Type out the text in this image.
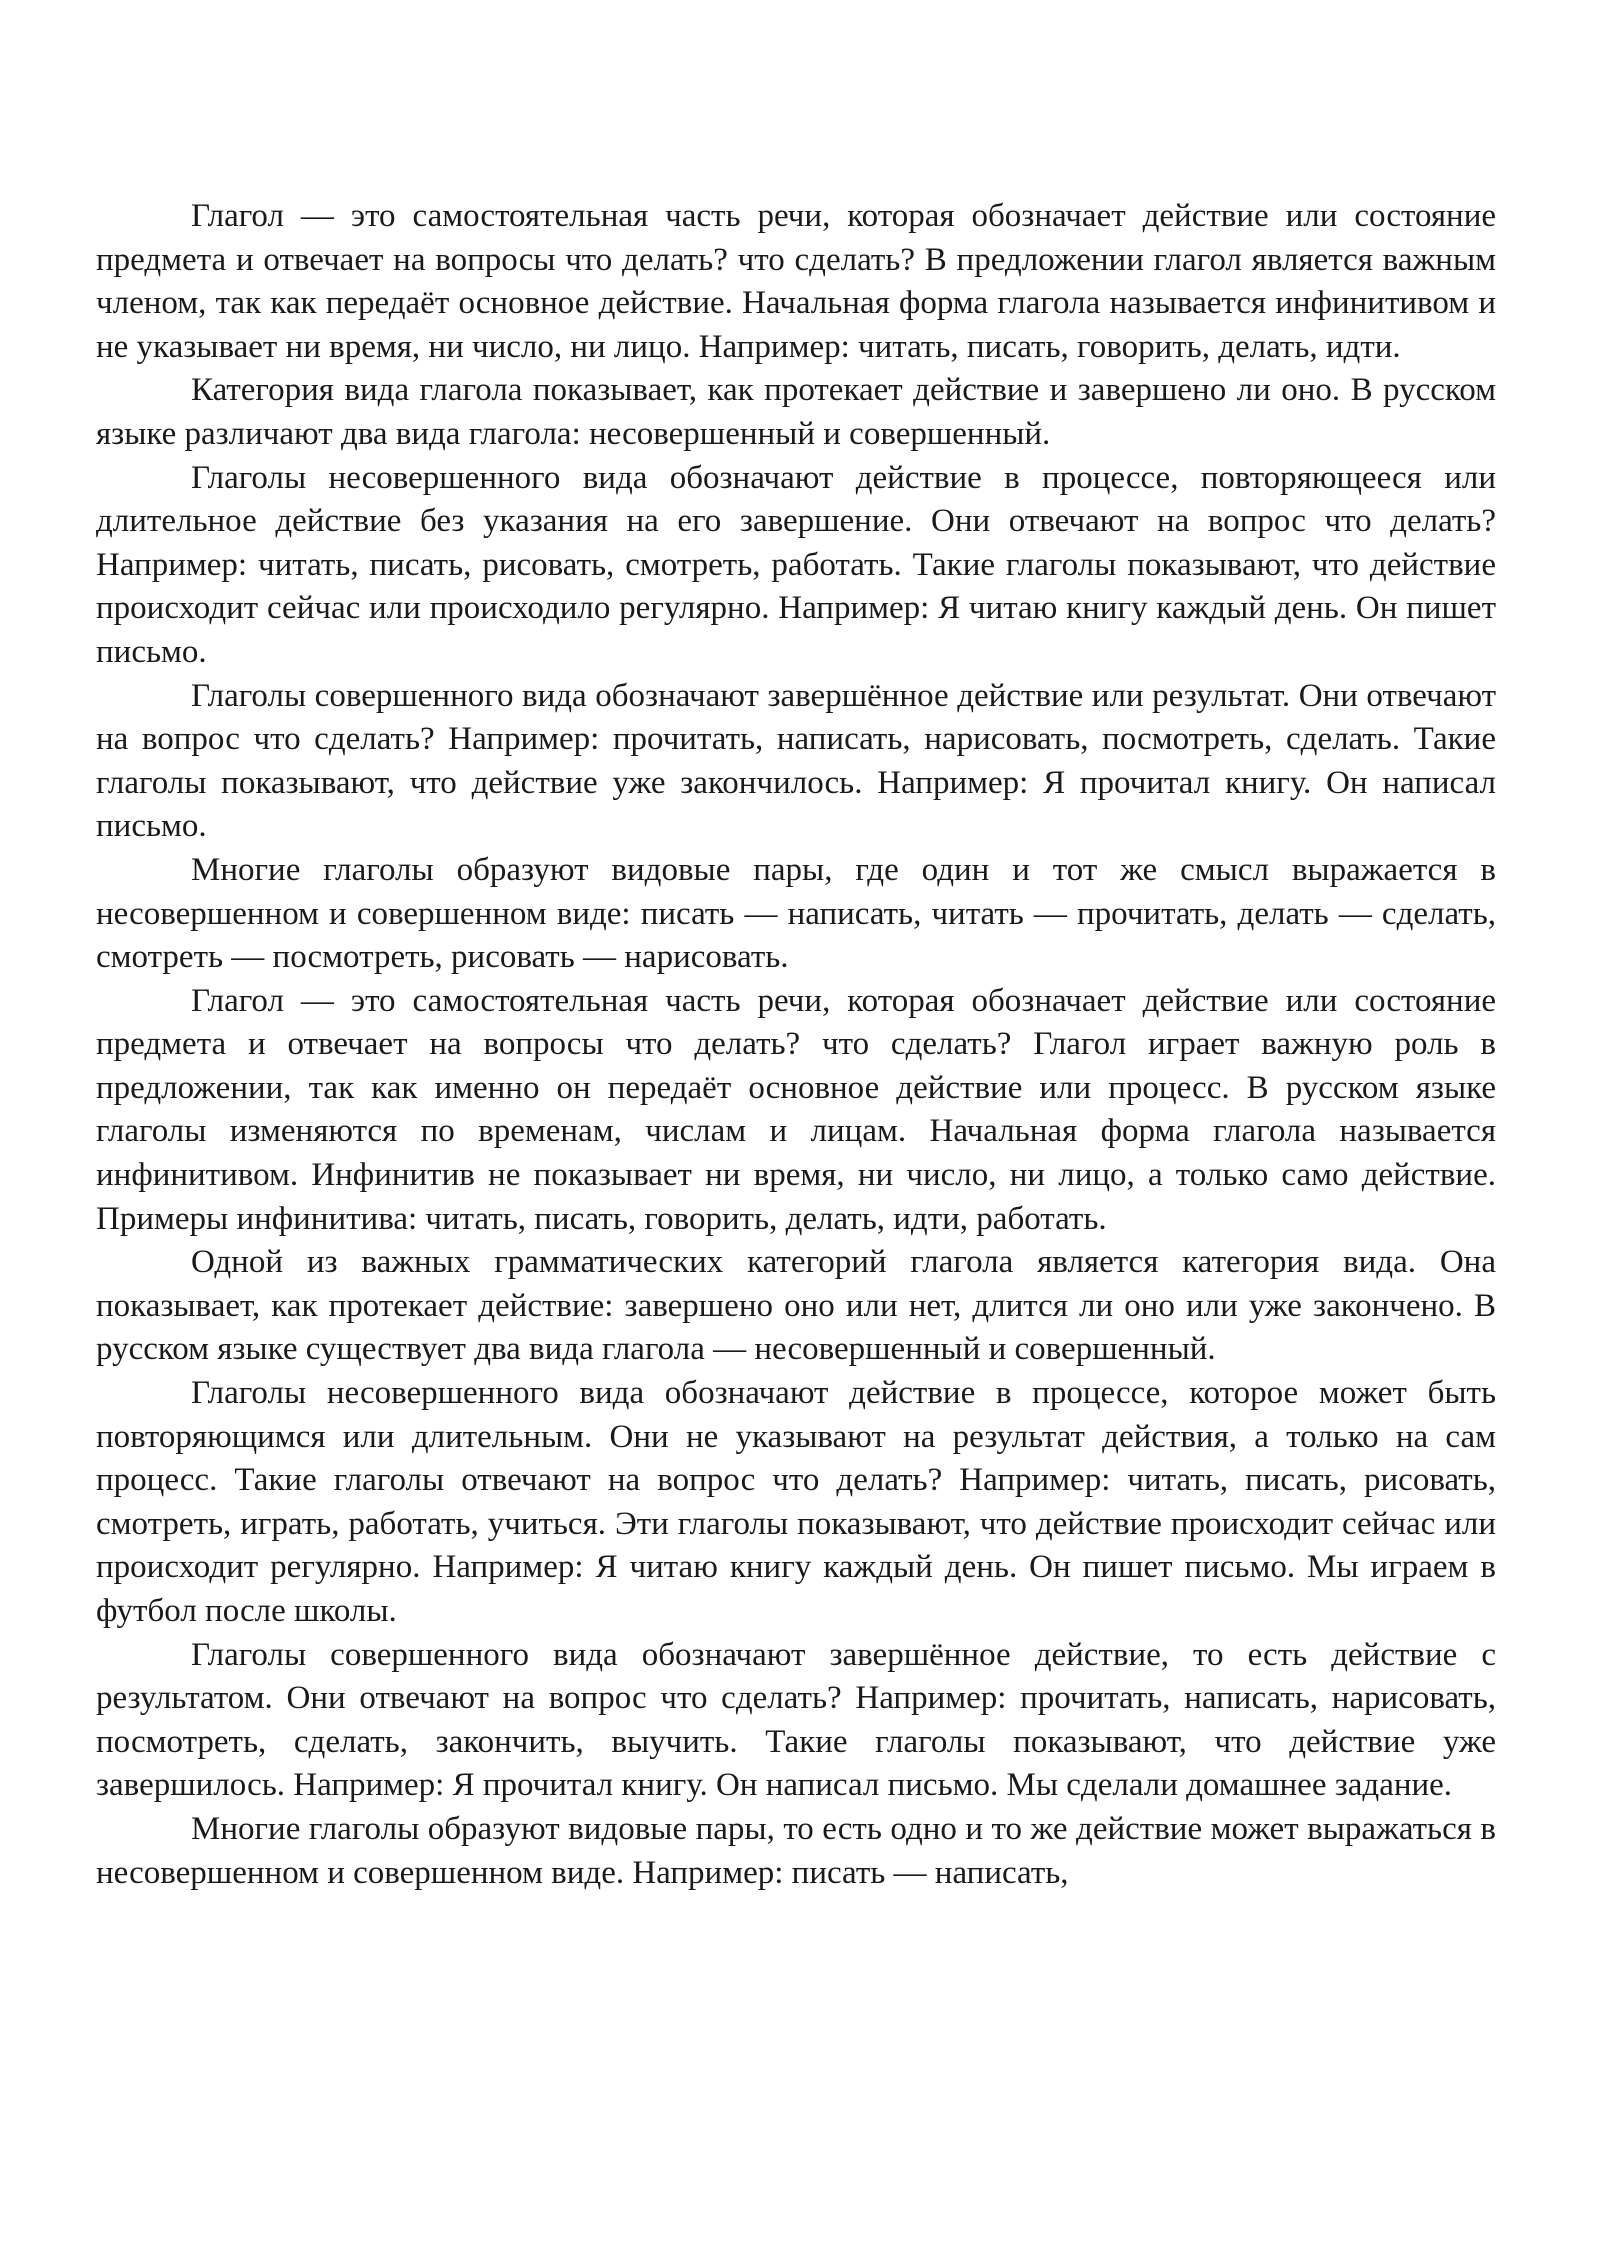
Глагол — это самостоятельная часть речи, которая обозначает действие или состояние предмета и отвечает на вопросы что делать? что сделать? В предложении глагол является важным членом, так как передаёт основное действие. Начальная форма глагола называется инфинитивом и не указывает ни время, ни число, ни лицо. Например: читать, писать, говорить, делать, идти.

Категория вида глагола показывает, как протекает действие и завершено ли оно. В русском языке различают два вида глагола: несовершенный и совершенный.

Глаголы несовершенного вида обозначают действие в процессе, повторяющееся или длительное действие без указания на его завершение. Они отвечают на вопрос что делать? Например: читать, писать, рисовать, смотреть, работать. Такие глаголы показывают, что действие происходит сейчас или происходило регулярно. Например: Я читаю книгу каждый день. Он пишет письмо.

Глаголы совершенного вида обозначают завершённое действие или результат. Они отвечают на вопрос что сделать? Например: прочитать, написать, нарисовать, посмотреть, сделать. Такие глаголы показывают, что действие уже закончилось. Например: Я прочитал книгу. Он написал письмо.

Многие глаголы образуют видовые пары, где один и тот же смысл выражается в несовершенном и совершенном виде: писать — написать, читать — прочитать, делать — сделать, смотреть — посмотреть, рисовать — нарисовать.

Глагол — это самостоятельная часть речи, которая обозначает действие или состояние предмета и отвечает на вопросы что делать? что сделать? Глагол играет важную роль в предложении, так как именно он передаёт основное действие или процесс. В русском языке глаголы изменяются по временам, числам и лицам. Начальная форма глагола называется инфинитивом. Инфинитив не показывает ни время, ни число, ни лицо, а только само действие. Примеры инфинитива: читать, писать, говорить, делать, идти, работать.

Одной из важных грамматических категорий глагола является категория вида. Она показывает, как протекает действие: завершено оно или нет, длится ли оно или уже закончено. В русском языке существует два вида глагола — несовершенный и совершенный.

Глаголы несовершенного вида обозначают действие в процессе, которое может быть повторяющимся или длительным. Они не указывают на результат действия, а только на сам процесс. Такие глаголы отвечают на вопрос что делать? Например: читать, писать, рисовать, смотреть, играть, работать, учиться. Эти глаголы показывают, что действие происходит сейчас или происходит регулярно. Например: Я читаю книгу каждый день. Он пишет письмо. Мы играем в футбол после школы.

Глаголы совершенного вида обозначают завершённое действие, то есть действие с результатом. Они отвечают на вопрос что сделать? Например: прочитать, написать, нарисовать, посмотреть, сделать, закончить, выучить. Такие глаголы показывают, что действие уже завершилось. Например: Я прочитал книгу. Он написал письмо. Мы сделали домашнее задание.

Многие глаголы образуют видовые пары, то есть одно и то же действие может выражаться в несовершенном и совершенном виде. Например: писать — написать,
